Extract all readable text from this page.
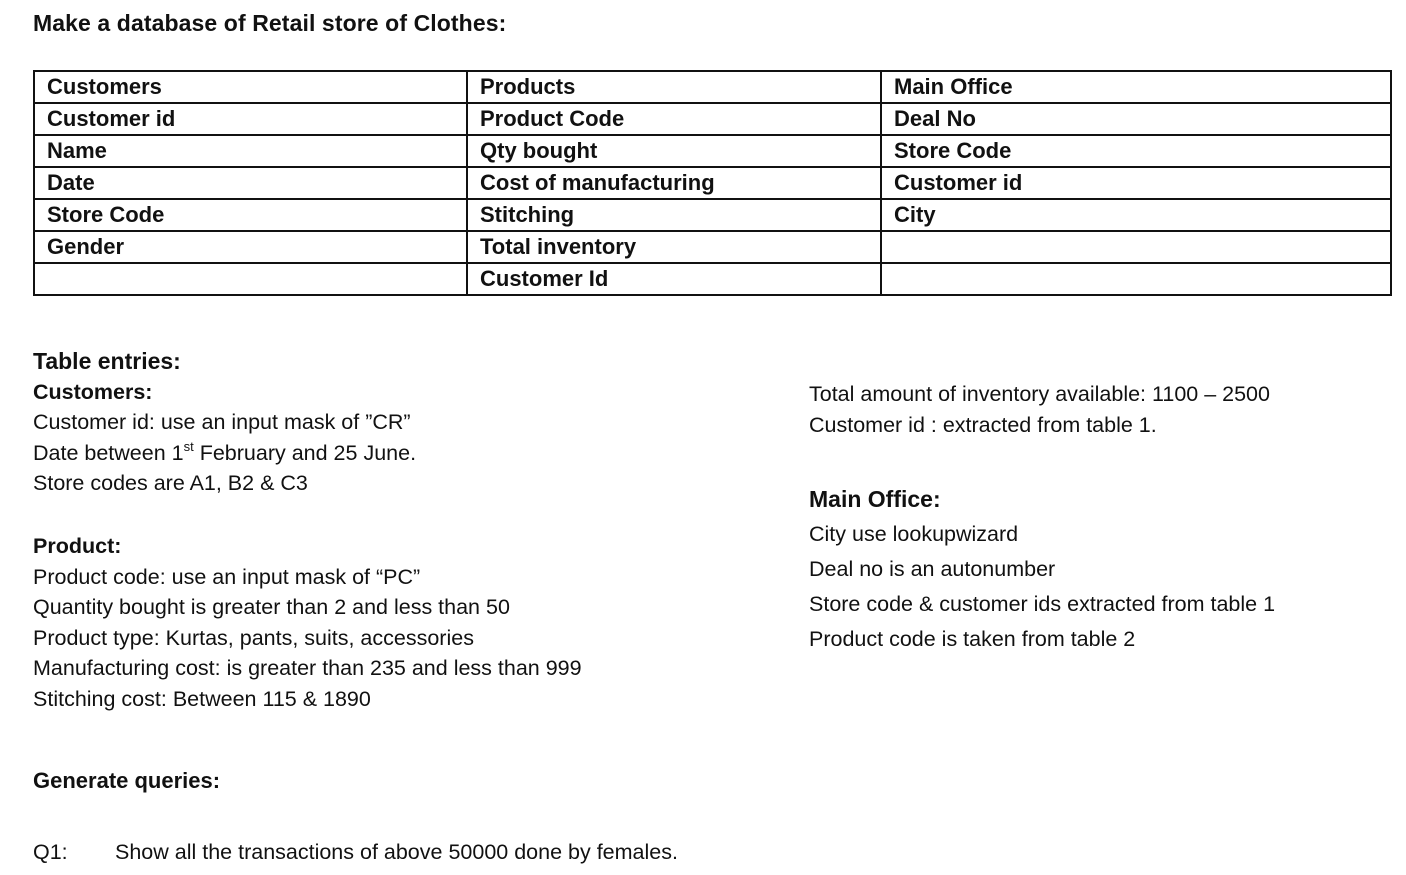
Make a database of Retail store of Clothes:
Customers	Products	Main Office
Customer id	Product Code	Deal No
Name	Qty bought	Store Code
Date	Cost of manufacturing	Customer id
Store Code	Stitching	City
Gender	Total inventory	
	Customer Id	
Table entries:
Customers:
Customer id: use an input mask of ”CR”
Date between 1st February and 25 June.
Store codes are A1, B2 & C3
Product:
Product code: use an input mask of “PC”
Quantity bought is greater than 2 and less than 50
Product type: Kurtas, pants, suits, accessories
Manufacturing cost: is greater than 235 and less than 999
Stitching cost: Between 115 & 1890
Total amount of inventory available: 1100 – 2500
Customer id : extracted from table 1.
Main Office:
City use lookupwizard
Deal no is an autonumber
Store code & customer ids extracted from table 1
Product code is taken from table 2
Generate queries:
Q1: Show all the transactions of above 50000 done by females.
